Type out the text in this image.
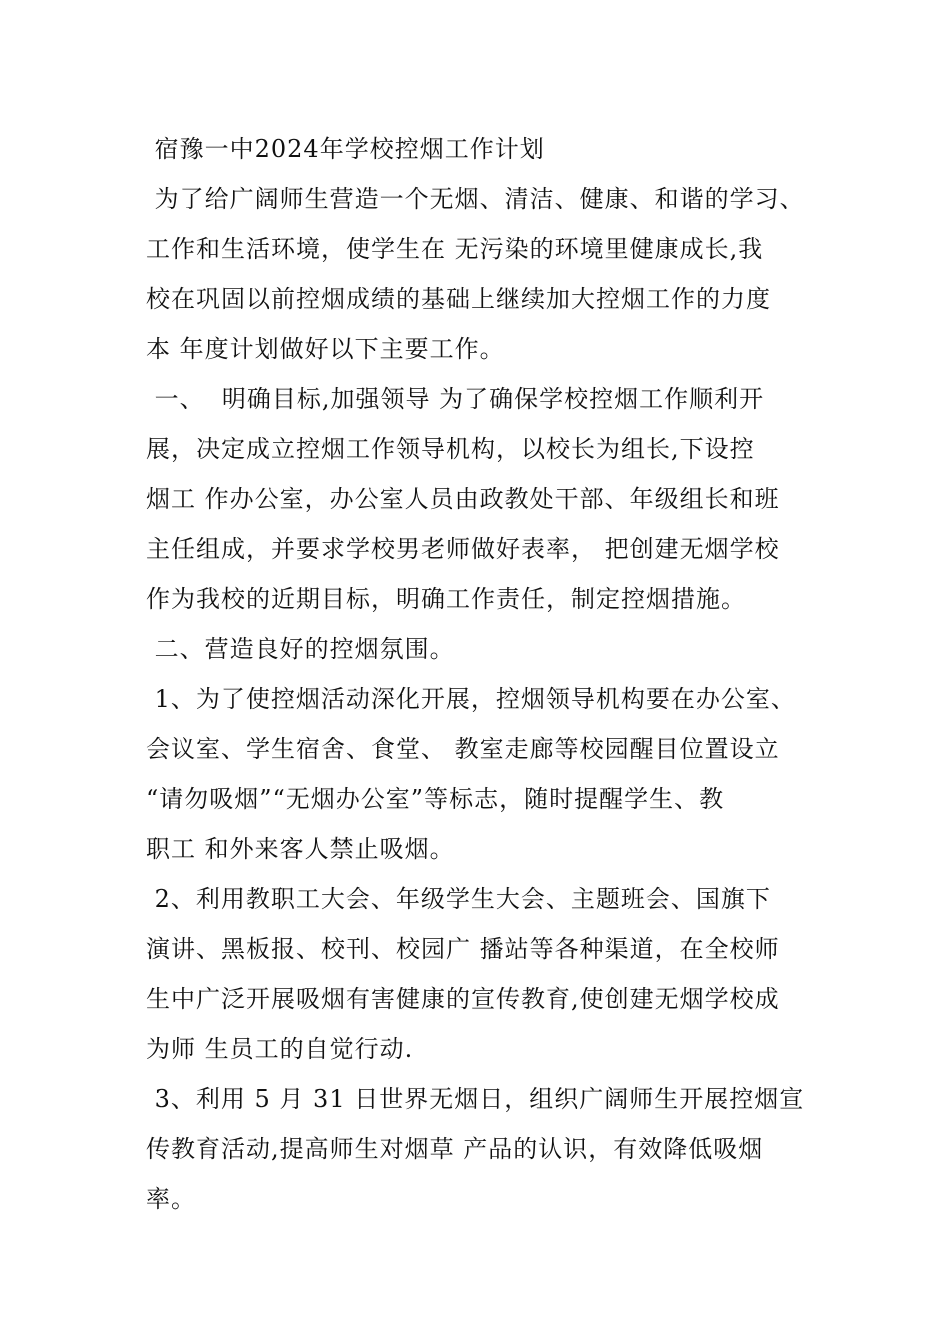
宿豫一中2024年学校控烟工作计划
为了给广阔师生营造一个无烟、清洁、健康、和谐的学习、
工作和生活环境，使学生在 无污染的环境里健康成长,我
校在巩固以前控烟成绩的基础上继续加大控烟工作的力度
本 年度计划做好以下主要工作。
一、  明确目标,加强领导 为了确保学校控烟工作顺利开
展，决定成立控烟工作领导机构，以校长为组长,下设控
烟工 作办公室，办公室人员由政教处干部、年级组长和班
主任组成，并要求学校男老师做好表率， 把创建无烟学校
作为我校的近期目标，明确工作责任，制定控烟措施。
二、营造良好的控烟氛围。
1、为了使控烟活动深化开展，控烟领导机构要在办公室、
会议室、学生宿舍、食堂、 教室走廊等校园醒目位置设立
“请勿吸烟”“无烟办公室”等标志，随时提醒学生、教
职工 和外来客人禁止吸烟。
2、利用教职工大会、年级学生大会、主题班会、国旗下
演讲、黑板报、校刊、校园广 播站等各种渠道，在全校师
生中广泛开展吸烟有害健康的宣传教育,使创建无烟学校成
为师 生员工的自觉行动.
3、利用 5 月 31 日世界无烟日，组织广阔师生开展控烟宣
传教育活动,提高师生对烟草 产品的认识，有效降低吸烟
率。
